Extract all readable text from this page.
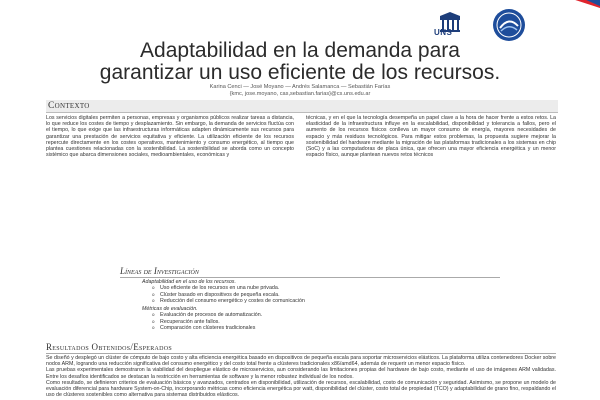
UNS
Adaptabilidad en la demanda para
garantizar un uso eficiente de los recursos.
Karina Cenci — José Moyano — Andrés Salamanca — Sebastián Farías
{kmc, jose.moyano, cas,sebastian.farias}@cs.uns.edu.ar
Contexto

Los servicios digitales permiten a personas, empresas y organismos públicos realizar tareas a distancia, lo que reduce los costes de tiempo y desplazamiento. Sin embargo, la demanda de servicios fluctúa con el tiempo, lo que exige que las infraestructuras informáticas adapten dinámicamente sus recursos para garantizar una prestación de servicios equitativa y eficiente. La utilización eficiente de los recursos repercute directamente en los costes operativos, mantenimiento y consumo energético, al tiempo que plantea cuestiones relacionadas con la sostenibilidad. La sostenibilidad se aborda como un concepto sistémico que abarca dimensiones sociales, medioambientales, económicas y

técnicas, y en el que la tecnología desempeña un papel clave a la hora de hacer frente a estos retos. La elasticidad de la infraestructura influye en la escalabilidad, disponibilidad y tolerancia a fallos, pero el aumento de los recursos físicos conlleva un mayor consumo de energía, mayores necesidades de espacio y más residuos tecnológicos. Para mitigar estos problemas, la propuesta sugiere mejorar la sostenibilidad del hardware mediante la migración de las plataformas tradicionales a los sistemas en chip (SoC) y a las computadoras de placa única, que ofrecen una mayor eficiencia energética y un menor espacio físico, aunque plantean nuevos retos técnicos

Líneas de Investigación
Adaptabilidad en el uso de los recursos.
o Uso eficiente de los recursos en una nube privada.
o Clúster basado en dispositivos de pequeña escala.
o Reducción del consumo energético y costes de comunicación
Métricas de evaluación.
o Evaluación de procesos de automatización.
o Recuperación ante fallos.
o Comparación con clústeres tradicionales
Resultados Obtenidos/Esperados

Se diseñó y desplegó un clúster de cómputo de bajo costo y alta eficiencia energética basado en dispositivos de pequeña escala para soportar microservicios elásticos. La plataforma utiliza contenedores Docker sobre nodos ARM, logrando una reducción significativa del consumo energético y del costo total frente a clústeres tradicionales x86/amd64, además de requerir un menor espacio físico.

Las pruebas experimentales demostraron la viabilidad del despliegue elástico de microservicios, aun considerando las limitaciones propias del hardware de bajo costo, mediante el uso de imágenes ARM validadas. Entre los desafíos identificados se destacan la restricción en herramientas de software y la menor robustez individual de los nodos.

Como resultado, se definieron criterios de evaluación básicos y avanzados, centrados en disponibilidad, utilización de recursos, escalabilidad, costo de comunicación y seguridad. Asimismo, se propone un modelo de evaluación diferencial para hardware System-on-Chip, incorporando métricas como eficiencia energética por watt, disponibilidad del clúster, costo total de propiedad (TCO) y adaptabilidad de grano fino, respaldando el uso de clústeres sostenibles como alternativa para sistemas distribuidos elásticos.
